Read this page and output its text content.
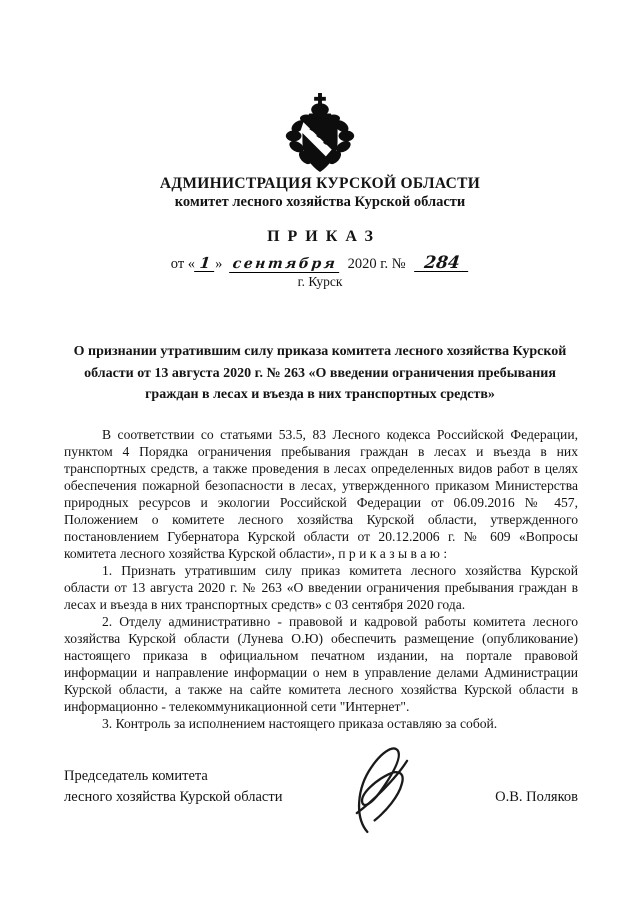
АДМИНИСТРАЦИЯ КУРСКОЙ ОБЛАСТИ
комитет лесного хозяйства Курской области
ПРИКАЗ
от « 1 » сентября 2020 г. № 284
г. Курск
О признании утратившим силу приказа комитета лесного хозяйства Курской области от 13 августа 2020 г. № 263 «О введении ограничения пребывания граждан в лесах и въезда в них транспортных средств»

В соответствии со статьями 53.5, 83 Лесного кодекса Российской Федерации, пунктом 4 Порядка ограничения пребывания граждан в лесах и въезда в них транспортных средств, а также проведения в лесах определенных видов работ в целях обеспечения пожарной безопасности в лесах, утвержденного приказом Министерства природных ресурсов и экологии Российской Федерации от 06.09.2016 № 457, Положением о комитете лесного хозяйства Курской области, утвержденного постановлением Губернатора Курской области от 20.12.2006 г. № 609 «Вопросы комитета лесного хозяйства Курской области», п р и к а з ы в а ю :

1. Признать утратившим силу приказ комитета лесного хозяйства Курской области от 13 августа 2020 г. № 263 «О введении ограничения пребывания граждан в лесах и въезда в них транспортных средств» с 03 сентября 2020 года.

2. Отделу административно - правовой и кадровой работы комитета лесного хозяйства Курской области (Лунева О.Ю) обеспечить размещение (опубликование) настоящего приказа в официальном печатном издании, на портале правовой информации и направление информации о нем в управление делами Администрации Курской области, а также на сайте комитета лесного хозяйства Курской области в информационно - телекоммуникационной сети "Интернет".

3. Контроль за исполнением настоящего приказа оставляю за собой.

Председатель комитета
лесного хозяйства Курской области	О.В. Поляков
